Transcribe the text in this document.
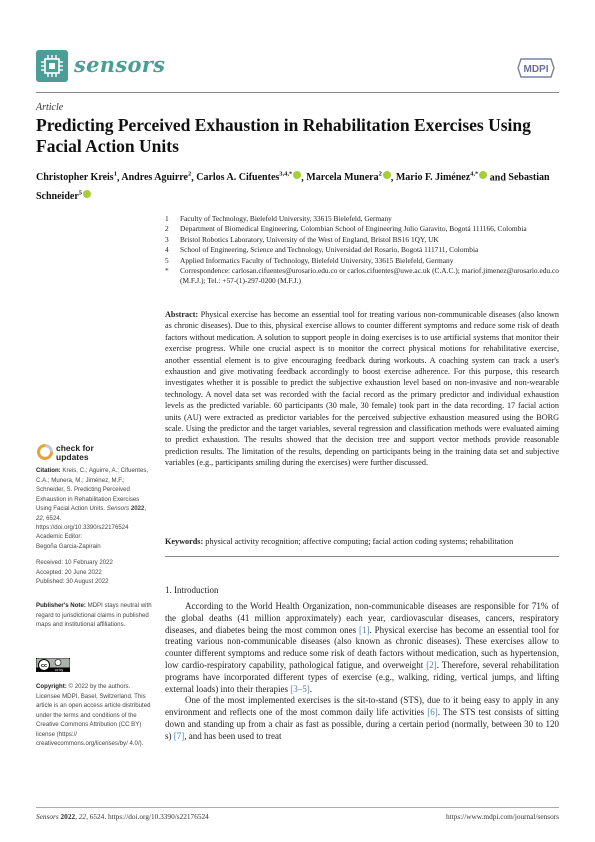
sensors	MDPI
Article
Predicting Perceived Exhaustion in Rehabilitation Exercises Using Facial Action Units
Christopher Kreis$^1$, Andres Aguirre$^2$, Carlos A. Cifuentes$^{3,4,*}$ , Marcela Munera$^2$ , Mario F. Jiménez$^{4,*}$ and Sebastian Schneider$^5$
1	Faculty of Technology, Bielefeld University, 33615 Bielefeld, Germany
2	Department of Biomedical Engineering, Colombian School of Engineering Julio Garavito, Bogotá 111166, Colombia
3	Bristol Robotics Laboratory, University of the West of England, Bristol BS16 1QY, UK
4	School of Engineering, Science and Technology, Universidad del Rosario, Bogotá 111711, Colombia
5	Applied Informatics Faculty of Technology, Bielefeld University, 33615 Bielefeld, Germany
*	Correspondence: carlosan.cifuentes@urosario.edu.co or carlos.cifuentes@uwe.ac.uk (C.A.C.); mariof.jimenez@urosario.edu.co (M.F.J.); Tel.: +57-(1)-297-0200 (M.F.J.)
Abstract: Physical exercise has become an essential tool for treating various non-communicable diseases (also known as chronic diseases). Due to this, physical exercise allows to counter different symptoms and reduce some risk of death factors without medication. A solution to support people in doing exercises is to use artificial systems that monitor their exercise progress. While one crucial aspect is to monitor the correct physical motions for rehabilitative exercise, another essential element is to give encouraging feedback during workouts. A coaching system can track a user's exhaustion and give motivating feedback accordingly to boost exercise adherence. For this purpose, this research investigates whether it is possible to predict the subjective exhaustion level based on non-invasive and non-wearable technology. A novel data set was recorded with the facial record as the primary predictor and individual exhaustion levels as the predicted variable. 60 participants (30 male, 30 female) took part in the data recording. 17 facial action units (AU) were extracted as predictor variables for the perceived subjective exhaustion measured using the BORG scale. Using the predictor and the target variables, several regression and classification methods were evaluated aiming to predict exhaustion. The results showed that the decision tree and support vector methods provide reasonable prediction results. The limitation of the results, depending on participants being in the training data set and subjective variables (e.g., participants smiling during the exercises) were further discussed.
Keywords: physical activity recognition; affective computing; facial action coding systems; rehabilitation
1. Introduction

According to the World Health Organization, non-communicable diseases are responsible for 71% of the global deaths (41 million approximately) each year, cardiovascular diseases, cancers, respiratory diseases, and diabetes being the most common ones [1]. Physical exercise has become an essential tool for treating various non-communicable diseases (also known as chronic diseases). These exercises allow to counter different symptoms and reduce some risk of death factors without medication, such as hypertension, low cardio-respiratory capability, pathological fatigue, and overweight [2]. Therefore, several rehabilitation programs have incorporated different types of exercise (e.g., walking, riding, vertical jumps, and lifting external loads) into their therapies [3–5].

One of the most implemented exercises is the sit-to-stand (STS), due to it being easy to apply in any environment and reflects one of the most common daily life activities [6]. The STS test consists of sitting down and standing up from a chair as fast as possible, during a certain period (normally, between 30 to 120 s) [7], and has been used to treat

check for
updates
Citation: Kreis, C.; Aguirre, A.; Cifuentes, C.A.; Munera, M.; Jiménez, M.F.; Schneider, S. Predicting Perceived Exhaustion in Rehabilitation Exercises Using Facial Action Units. Sensors 2022, 22, 6524. https://doi.org/10.3390/s22176524
Academic Editor:
Begoña Garcia-Zapirain
Received: 10 February 2022
Accepted: 20 June 2022
Published: 30 August 2022
Publisher's Note: MDPI stays neutral with regard to jurisdictional claims in published maps and institutional affiliations.
cc
cc by
Copyright: © 2022 by the authors. Licensee MDPI, Basel, Switzerland. This article is an open access article distributed under the terms and conditions of the Creative Commons Attribution (CC BY) license (https:// creativecommons.org/licenses/by/ 4.0/).
Sensors 2022, 22, 6524. https://doi.org/10.3390/s22176524	https://www.mdpi.com/journal/sensors
